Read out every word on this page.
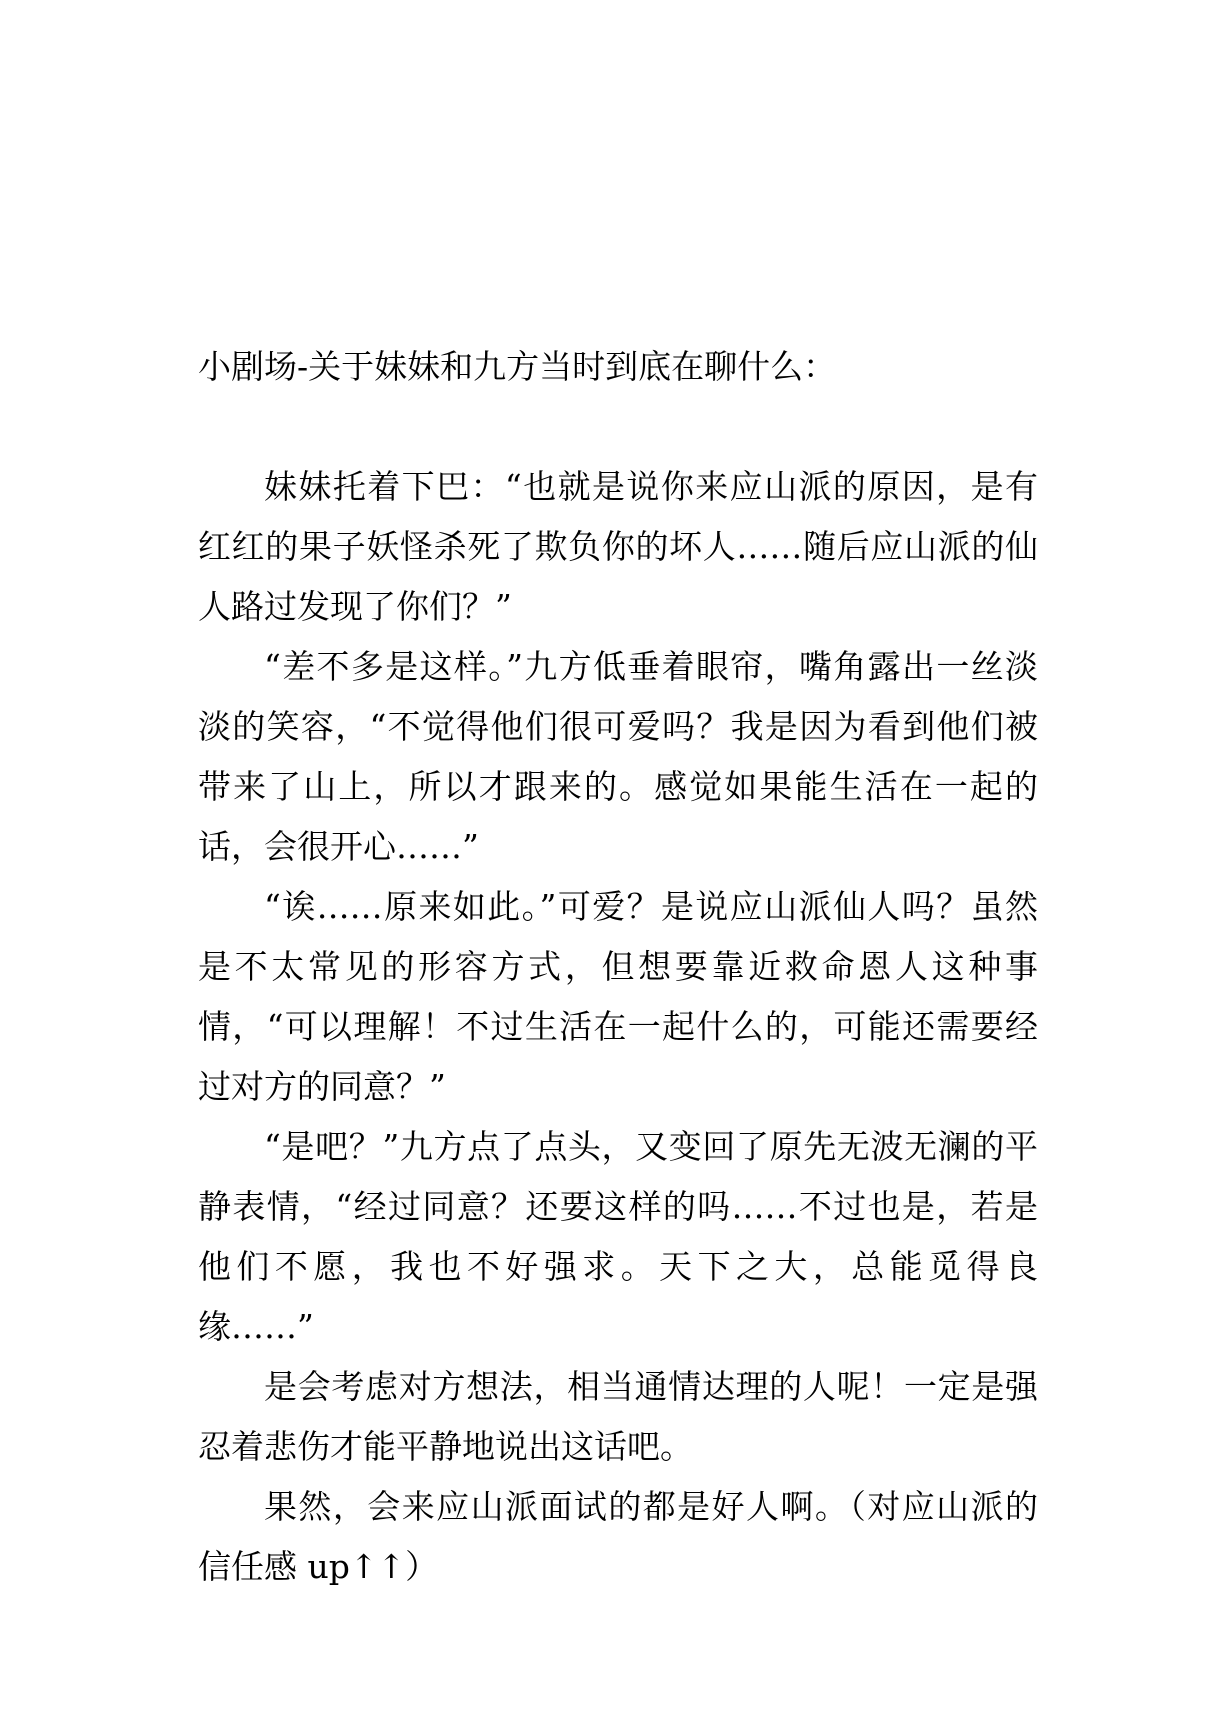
小剧场-关于妹妹和九方当时到底在聊什么：

妹妹托着下巴：“也就是说你来应山派的原因，是有红红的果子妖怪杀死了欺负你的坏人……随后应山派的仙人路过发现了你们？”

“差不多是这样。”九方低垂着眼帘，嘴角露出一丝淡淡的笑容，“不觉得他们很可爱吗？我是因为看到他们被带来了山上，所以才跟来的。感觉如果能生活在一起的话，会很开心……”

“诶……原来如此。”可爱？是说应山派仙人吗？虽然是不太常见的形容方式，但想要靠近救命恩人这种事情，“可以理解！不过生活在一起什么的，可能还需要经过对方的同意？”

“是吧？”九方点了点头，又变回了原先无波无澜的平静表情，“经过同意？还要这样的吗……不过也是，若是他们不愿，我也不好强求。天下之大，总能觅得良缘……”

是会考虑对方想法，相当通情达理的人呢！一定是强忍着悲伤才能平静地说出这话吧。

果然，会来应山派面试的都是好人啊。（对应山派的信任感 up↑↑）
